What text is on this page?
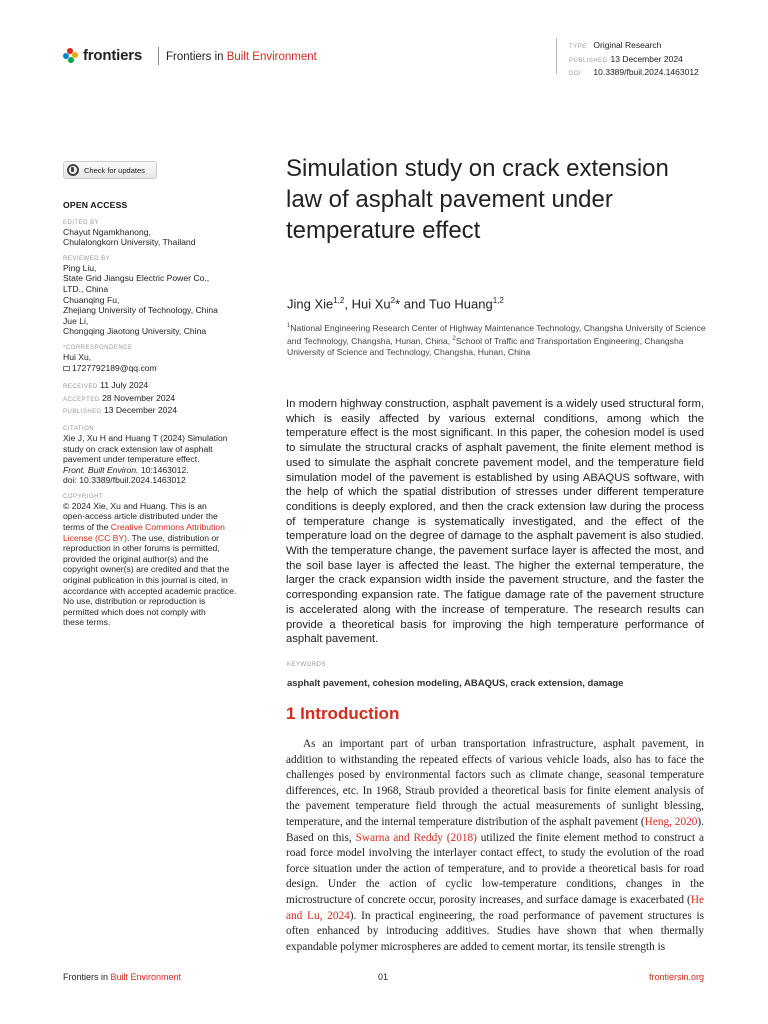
frontiers Frontiers in Built Environment
TYPE Original Research
PUBLISHED 13 December 2024
DOI 10.3389/fbuil.2024.1463012
Check for updates
OPEN ACCESS
EDITED BY
Chayut Ngamkhanong,
Chulalongkorn University, Thailand
REVIEWED BY
Ping Liu,
State Grid Jiangsu Electric Power Co.,
LTD., China
Chuanqing Fu,
Zhejiang University of Technology, China
Jue Li,
Chongqing Jiaotong University, China
*CORRESPONDENCE
Hui Xu,
1727792189@qq.com
RECEIVED 11 July 2024
ACCEPTED 28 November 2024
PUBLISHED 13 December 2024
CITATION
Xie J, Xu H and Huang T (2024) Simulation
study on crack extension law of asphalt
pavement under temperature effect.
Front. Built Environ. 10:1463012.
doi: 10.3389/fbuil.2024.1463012
COPYRIGHT
© 2024 Xie, Xu and Huang. This is an
open-access article distributed under the
terms of the Creative Commons Attribution
License (CC BY). The use, distribution or
reproduction in other forums is permitted,
provided the original author(s) and the
copyright owner(s) are credited and that the
original publication in this journal is cited, in
accordance with accepted academic practice.
No use, distribution or reproduction is
permitted which does not comply with
these terms.
Simulation study on crack extension law of asphalt pavement under temperature effect
Jing Xie$^{1,2}$, Hui Xu$^2$* and Tuo Huang$^{1,2}$
$^1$National Engineering Research Center of Highway Maintenance Technology, Changsha University of Science and Technology, Changsha, Hunan, China, $^2$School of Traffic and Transportation Engineering, Changsha University of Science and Technology, Changsha, Hunan, China

In modern highway construction, asphalt pavement is a widely used structural form, which is easily affected by various external conditions, among which the temperature effect is the most significant. In this paper, the cohesion model is used to simulate the structural cracks of asphalt pavement, the finite element method is used to simulate the asphalt concrete pavement model, and the temperature field simulation model of the pavement is established by using ABAQUS software, with the help of which the spatial distribution of stresses under different temperature conditions is deeply explored, and then the crack extension law during the process of temperature change is systematically investigated, and the effect of the temperature load on the degree of damage to the asphalt pavement is also studied. With the temperature change, the pavement surface layer is affected the most, and the soil base layer is affected the least. The higher the external temperature, the larger the crack expansion width inside the pavement structure, and the faster the corresponding expansion rate. The fatigue damage rate of the pavement structure is accelerated along with the increase of temperature. The research results can provide a theoretical basis for improving the high temperature performance of asphalt pavement.

KEYWORDS
asphalt pavement, cohesion modeling, ABAQUS, crack extension, damage
1 Introduction

As an important part of urban transportation infrastructure, asphalt pavement, in addition to withstanding the repeated effects of various vehicle loads, also has to face the challenges posed by environmental factors such as climate change, seasonal temperature differences, etc. In 1968, Straub provided a theoretical basis for finite element analysis of the pavement temperature field through the actual measurements of sunlight blessing, temperature, and the internal temperature distribution of the asphalt pavement (Heng, 2020). Based on this, Swarna and Reddy (2018) utilized the finite element method to construct a road force model involving the interlayer contact effect, to study the evolution of the road force situation under the action of temperature, and to provide a theoretical basis for road design. Under the action of cyclic low-temperature conditions, changes in the microstructure of concrete occur, porosity increases, and surface damage is exacerbated (He and Lu, 2024). In practical engineering, the road performance of pavement structures is often enhanced by introducing additives. Studies have shown that when thermally expandable polymer microspheres are added to cement mortar, its tensile strength is

Frontiers in Built Environment	01	frontiersin.org
